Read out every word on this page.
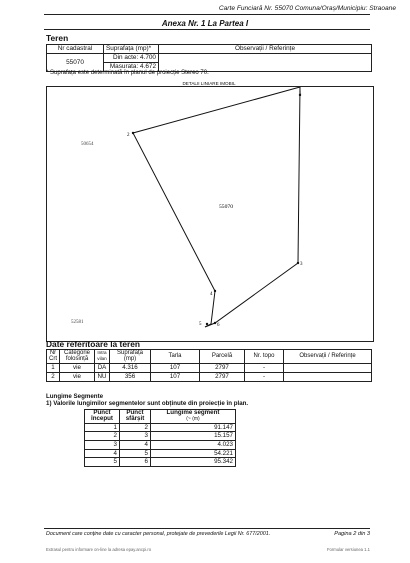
Carte Funciară Nr. 55070 Comuna/Oraș/Municipiu: Straoane
Anexa Nr. 1 La Partea I
Teren
Nr cadastral	Suprafața (mp)*	Observații / Referințe
55070	Din acte: 4.700	
	Masurata: 4.672	
* Suprafața este determinată în planul de proiecție Stereo 70.
DETALII LINIARE IMOBIL
1
2
3
4
5	6
55070
50654
52581
Date referitoare la teren
Nr Crt	Categorie folosință	Intra vilan	Suprafața (mp)	Tarla	Parcelă	Nr. topo	Observații / Referințe
1	vie	DA	4.316	107	2797	-	
2	vie	NU	356	107	2797	-	
Lungime Segmente
1) Valorile lungimilor segmentelor sunt obținute din proiecție în plan.
Punct început	Punct sfârșit	Lungime segment
(~ (m)
1	2	91.147
2	3	15.157
3	4	4.023
4	5	54.221
5	6	95.342
Document care conține date cu caracter personal, protejate de prevederile Legii Nr. 677/2001.	Pagina 2 din 3
Extrasul pentru informare on-line la adresa epay.ancpi.ro	Formular versiunea 1.1
